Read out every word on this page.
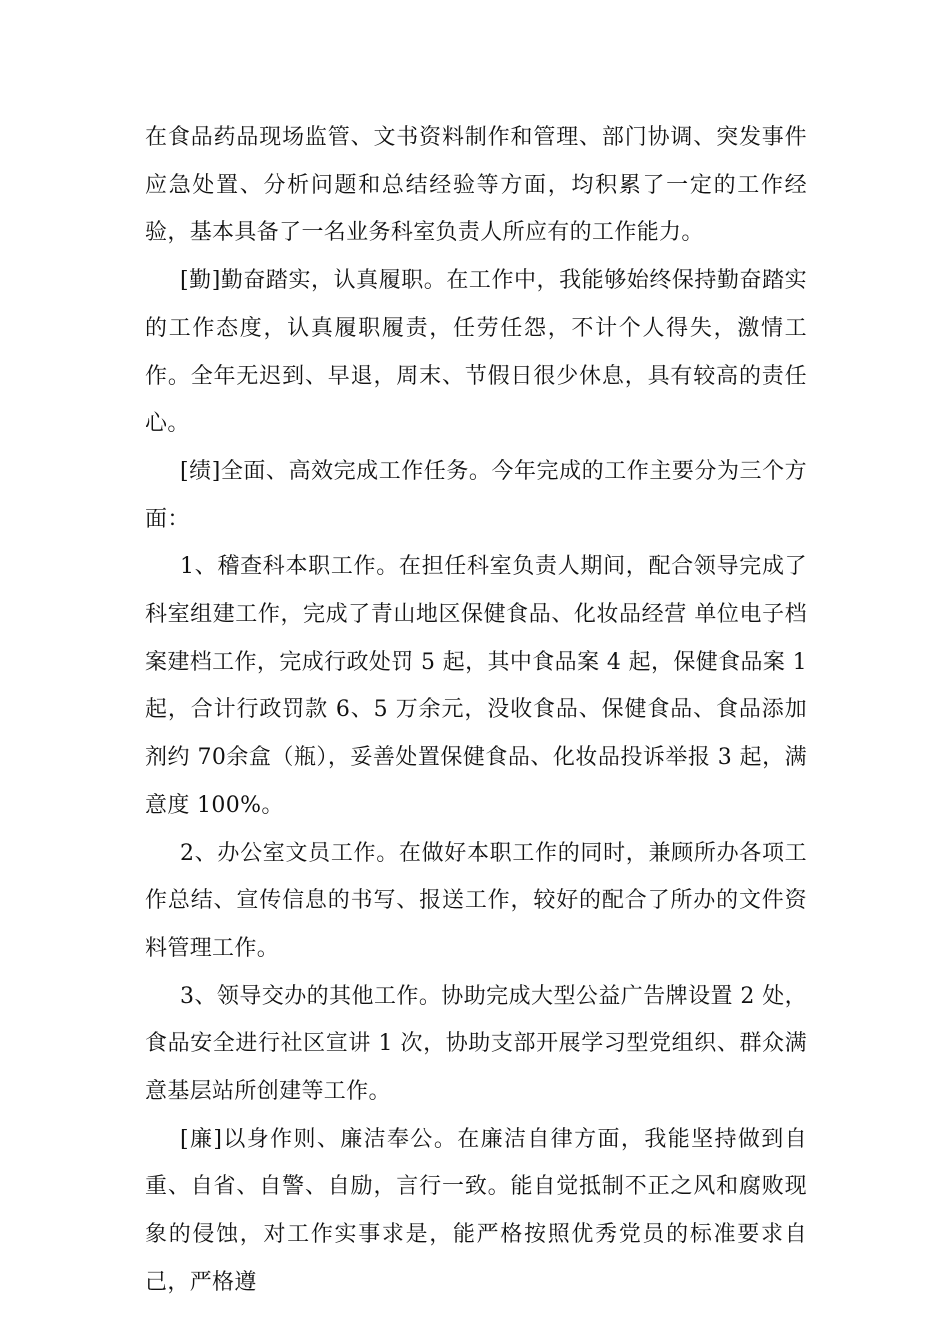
在食品药品现场监管、文书资料制作和管理、部门协调、突发事件应急处置、分析问题和总结经验等方面，均积累了一定的工作经验，基本具备了一名业务科室负责人所应有的工作能力。

[勤]勤奋踏实，认真履职。在工作中，我能够始终保持勤奋踏实的工作态度，认真履职履责，任劳任怨，不计个人得失，激情工作。全年无迟到、早退，周末、节假日很少休息，具有较高的责任心。

[绩]全面、高效完成工作任务。今年完成的工作主要分为三个方面：

1、稽查科本职工作。在担任科室负责人期间，配合领导完成了科室组建工作，完成了青山地区保健食品、化妆品经营 单位电子档案建档工作，完成行政处罚 5 起，其中食品案 4 起，保健食品案 1 起，合计行政罚款 6、5 万余元，没收食品、保健食品、食品添加剂约 70余盒（瓶），妥善处置保健食品、化妆品投诉举报 3 起，满意度 100%。

2、办公室文员工作。在做好本职工作的同时，兼顾所办各项工作总结、宣传信息的书写、报送工作，较好的配合了所办的文件资料管理工作。

3、领导交办的其他工作。协助完成大型公益广告牌设置 2 处，食品安全进行社区宣讲 1 次，协助支部开展学习型党组织、群众满意基层站所创建等工作。

[廉]以身作则、廉洁奉公。在廉洁自律方面，我能坚持做到自重、自省、自警、自励，言行一致。能自觉抵制不正之风和腐败现象的侵蚀，对工作实事求是，能严格按照优秀党员的标准要求自己，严格遵
